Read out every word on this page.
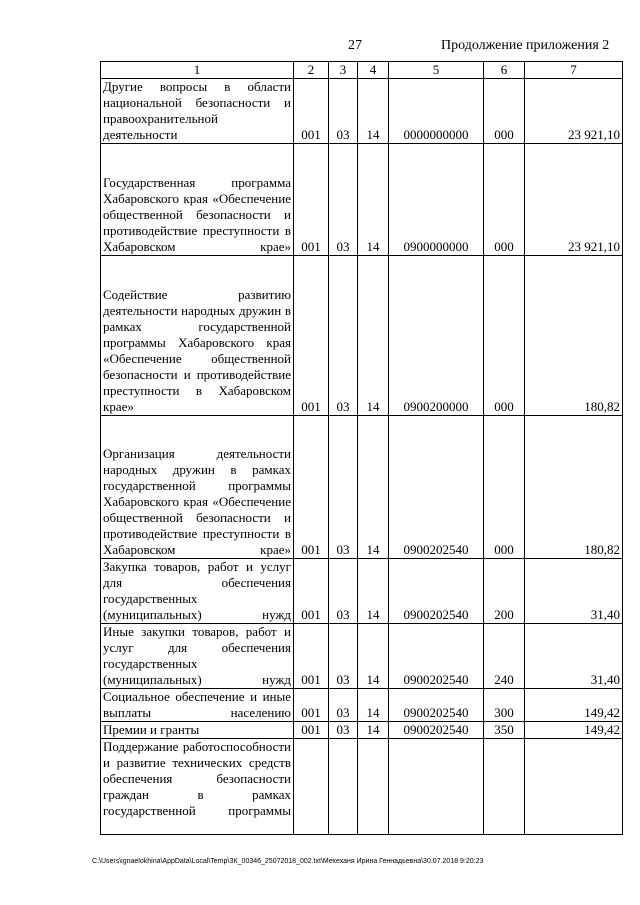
27	Продолжение приложения 2
1	2	3	4	5	6	7
Другие вопросы в области национальной безопасности и правоохранительной деятельности	001	03	14	0000000000	000	23 921,10
Государственная программа Хабаровского края «Обеспечение общественной безопасности и противодействие преступности в Хабаровском крае»	001	03	14	0900000000	000	23 921,10
Содействие развитию деятельности народных дружин в рамках государственной программы Хабаровского края «Обеспечение общественной безопасности и противодействие преступности в Хабаровском крае»	001	03	14	0900200000	000	180,82
Организация деятельности народных дружин в рамках государственной программы Хабаровского края «Обеспечение общественной безопасности и противодействие преступности в Хабаровском крае»	001	03	14	0900202540	000	180,82
Закупка товаров, работ и услуг для обеспечения государственных (муниципальных) нужд	001	03	14	0900202540	200	31,40
Иные закупки товаров, работ и услуг для обеспечения государственных (муниципальных) нужд	001	03	14	0900202540	240	31,40
Социальное обеспечение и иные выплаты населению	001	03	14	0900202540	300	149,42
Премии и гранты	001	03	14	0900202540	350	149,42
Поддержание работоспособности и развитие технических средств обеспечения безопасности граждан в рамках государственной программы						
C:\Users\ignaelokhina\AppData\Local\Temp\ЗК_00346_25072018_002.txt\Мехеханя Ирина Геннадьевна\30.07.2018 9:20:23
